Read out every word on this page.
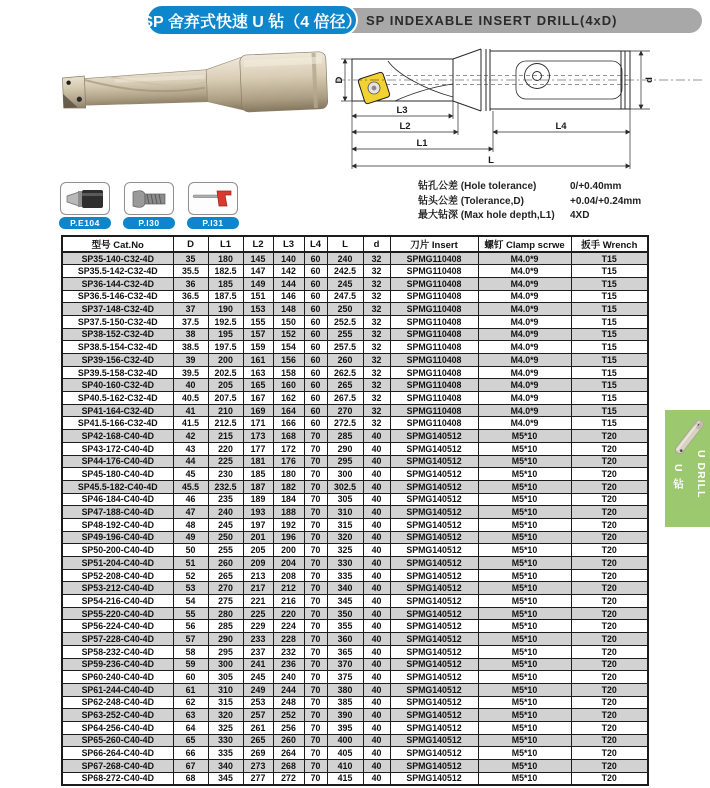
SP INDEXABLE INSERT DRILL(4xD)
SP 舍弃式快速 U 钻（4 倍径）
D	d
L3
L2	L4
L1
L
P.E104	P.I30	P.I31
钻孔公差 (Hole tolerance)	0/+0.40mm
钻头公差 (Tolerance,D)	+0.04/+0.24mm
最大钻深 (Max hole depth,L1)	4XD
型号 Cat.No	D	L1	L2	L3	L4	L	d	刀片 Insert	螺钉 Clamp scrwe	扳手 Wrench
SP35-140-C32-4D	35	180	145	140	60	240	32	SPMG110408	M4.0*9	T15
SP35.5-142-C32-4D	35.5	182.5	147	142	60	242.5	32	SPMG110408	M4.0*9	T15
SP36-144-C32-4D	36	185	149	144	60	245	32	SPMG110408	M4.0*9	T15
SP36.5-146-C32-4D	36.5	187.5	151	146	60	247.5	32	SPMG110408	M4.0*9	T15
SP37-148-C32-4D	37	190	153	148	60	250	32	SPMG110408	M4.0*9	T15
SP37.5-150-C32-4D	37.5	192.5	155	150	60	252.5	32	SPMG110408	M4.0*9	T15
SP38-152-C32-4D	38	195	157	152	60	255	32	SPMG110408	M4.0*9	T15
SP38.5-154-C32-4D	38.5	197.5	159	154	60	257.5	32	SPMG110408	M4.0*9	T15
SP39-156-C32-4D	39	200	161	156	60	260	32	SPMG110408	M4.0*9	T15
SP39.5-158-C32-4D	39.5	202.5	163	158	60	262.5	32	SPMG110408	M4.0*9	T15
SP40-160-C32-4D	40	205	165	160	60	265	32	SPMG110408	M4.0*9	T15
SP40.5-162-C32-4D	40.5	207.5	167	162	60	267.5	32	SPMG110408	M4.0*9	T15
SP41-164-C32-4D	41	210	169	164	60	270	32	SPMG110408	M4.0*9	T15
SP41.5-166-C32-4D	41.5	212.5	171	166	60	272.5	32	SPMG110408	M4.0*9	T15
SP42-168-C40-4D	42	215	173	168	70	285	40	SPMG140512	M5*10	T20
SP43-172-C40-4D	43	220	177	172	70	290	40	SPMG140512	M5*10	T20
SP44-176-C40-4D	44	225	181	176	70	295	40	SPMG140512	M5*10	T20
SP45-180-C40-4D	45	230	185	180	70	300	40	SPMG140512	M5*10	T20
SP45.5-182-C40-4D	45.5	232.5	187	182	70	302.5	40	SPMG140512	M5*10	T20
SP46-184-C40-4D	46	235	189	184	70	305	40	SPMG140512	M5*10	T20
SP47-188-C40-4D	47	240	193	188	70	310	40	SPMG140512	M5*10	T20
SP48-192-C40-4D	48	245	197	192	70	315	40	SPMG140512	M5*10	T20
SP49-196-C40-4D	49	250	201	196	70	320	40	SPMG140512	M5*10	T20
SP50-200-C40-4D	50	255	205	200	70	325	40	SPMG140512	M5*10	T20
SP51-204-C40-4D	51	260	209	204	70	330	40	SPMG140512	M5*10	T20
SP52-208-C40-4D	52	265	213	208	70	335	40	SPMG140512	M5*10	T20
SP53-212-C40-4D	53	270	217	212	70	340	40	SPMG140512	M5*10	T20
SP54-216-C40-4D	54	275	221	216	70	345	40	SPMG140512	M5*10	T20
SP55-220-C40-4D	55	280	225	220	70	350	40	SPMG140512	M5*10	T20
SP56-224-C40-4D	56	285	229	224	70	355	40	SPMG140512	M5*10	T20
SP57-228-C40-4D	57	290	233	228	70	360	40	SPMG140512	M5*10	T20
SP58-232-C40-4D	58	295	237	232	70	365	40	SPMG140512	M5*10	T20
SP59-236-C40-4D	59	300	241	236	70	370	40	SPMG140512	M5*10	T20
SP60-240-C40-4D	60	305	245	240	70	375	40	SPMG140512	M5*10	T20
SP61-244-C40-4D	61	310	249	244	70	380	40	SPMG140512	M5*10	T20
SP62-248-C40-4D	62	315	253	248	70	385	40	SPMG140512	M5*10	T20
SP63-252-C40-4D	63	320	257	252	70	390	40	SPMG140512	M5*10	T20
SP64-256-C40-4D	64	325	261	256	70	395	40	SPMG140512	M5*10	T20
SP65-260-C40-4D	65	330	265	260	70	400	40	SPMG140512	M5*10	T20
SP66-264-C40-4D	66	335	269	264	70	405	40	SPMG140512	M5*10	T20
SP67-268-C40-4D	67	340	273	268	70	410	40	SPMG140512	M5*10	T20
SP68-272-C40-4D	68	345	277	272	70	415	40	SPMG140512	M5*10	T20
U DRILL
U 钻
